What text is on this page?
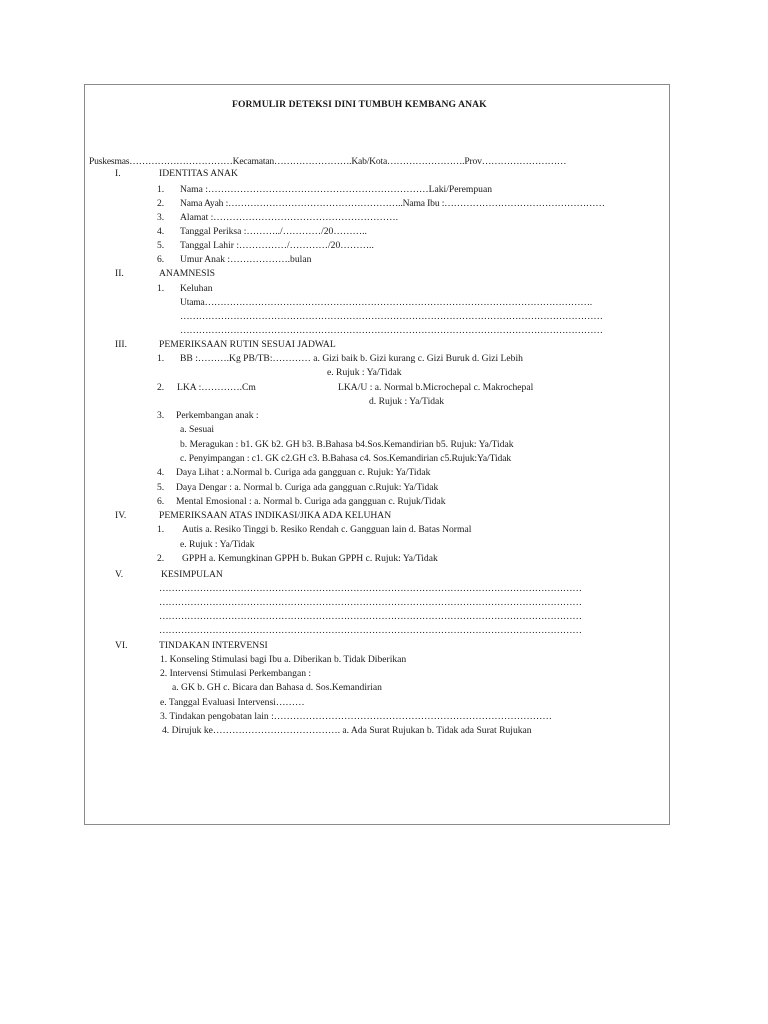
FORMULIR DETEKSI DINI TUMBUH KEMBANG ANAK
Puskesmas……………………………Kecamatan…………………….Kab/Kota…………………….Prov………………………
I.	IDENTITAS ANAK
1. Nama :……………………………………………………………Laki/Perempuan
2. Nama Ayah :………………………………………………..Nama Ibu :……………………………………………
3. Alamat :………………………………………………….
4. Tanggal Periksa :………../…………/20………..
5. Tanggal Lahir :……………/…………/20………..
6. Umur Anak :……………….bulan
II.	ANAMNESIS
1. Keluhan
Utama…………………………………………………………………………………………………………….
………………………………………………………………………………………………………………………
………………………………………………………………………………………………………………………
III.	PEMERIKSAAN RUTIN SESUAI JADWAL
1. BB :……….Kg PB/TB:………… a. Gizi baik b. Gizi kurang c. Gizi Buruk d. Gizi Lebih
e. Rujuk : Ya/Tidak
2. LKA :………….Cm	LKA/U : a. Normal b.Microchepal c. Makrochepal
d. Rujuk : Ya/Tidak
3. Perkembangan anak :
a. Sesuai
b. Meragukan : b1. GK b2. GH b3. B.Bahasa b4.Sos.Kemandirian b5. Rujuk: Ya/Tidak
c. Penyimpangan : c1. GK c2.GH c3. B.Bahasa c4. Sos.Kemandirian c5.Rujuk:Ya/Tidak
4. Daya Lihat : a.Normal b. Curiga ada gangguan c. Rujuk: Ya/Tidak
5. Daya Dengar : a. Normal b. Curiga ada gangguan c.Rujuk: Ya/Tidak
6. Mental Emosional : a. Normal b. Curiga ada gangguan c. Rujuk/Tidak
IV.	PEMERIKSAAN ATAS INDIKASI/JIKA ADA KELUHAN
1. Autis a. Resiko Tinggi b. Resiko Rendah c. Gangguan lain d. Batas Normal
e. Rujuk : Ya/Tidak
2. GPPH a. Kemungkinan GPPH b. Bukan GPPH c. Rujuk: Ya/Tidak
V.	KESIMPULAN
………………………………………………………………………………………………………………………
………………………………………………………………………………………………………………………
………………………………………………………………………………………………………………………
………………………………………………………………………………………………………………………
VI.	TINDAKAN INTERVENSI
1. Konseling Stimulasi bagi Ibu a. Diberikan b. Tidak Diberikan
2. Intervensi Stimulasi Perkembangan :
a. GK b. GH c. Bicara dan Bahasa d. Sos.Kemandirian
e. Tanggal Evaluasi Intervensi………
3. Tindakan pengobatan lain :……………………………………………………………………………
4. Dirujuk ke…………………………………. a. Ada Surat Rujukan b. Tidak ada Surat Rujukan
